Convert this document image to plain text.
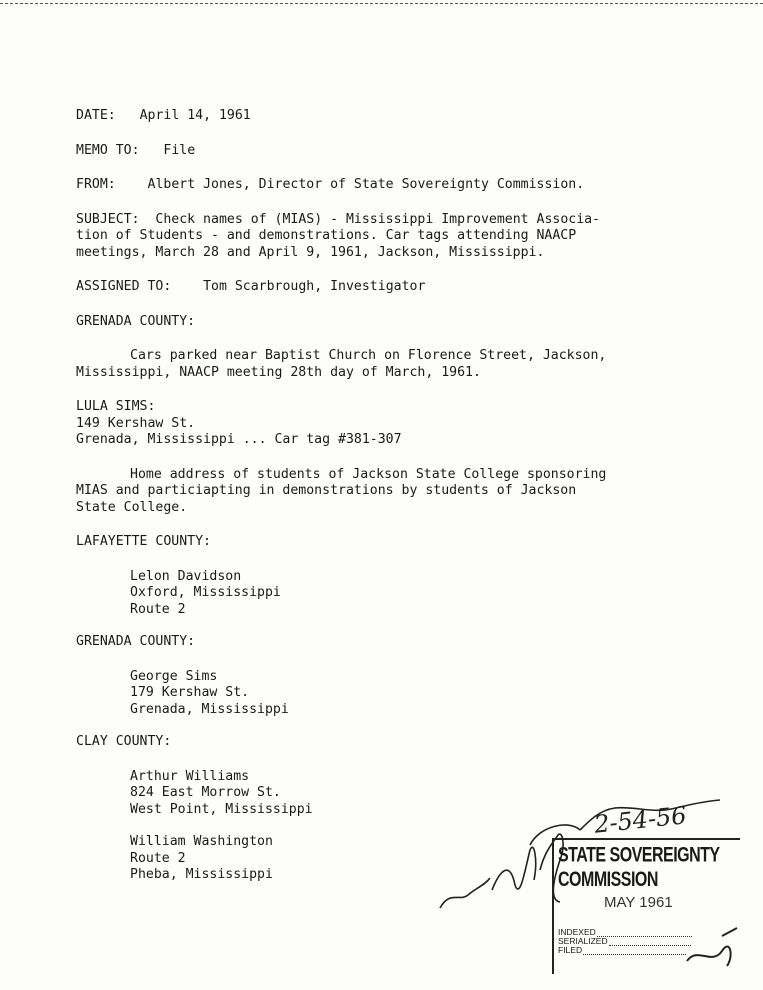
DATE: April 14, 1961
MEMO TO: File
FROM: Albert Jones, Director of State Sovereignty Commission.
SUBJECT: Check names of (MIAS) - Mississippi Improvement Associa-
tion of Students - and demonstrations. Car tags attending NAACP
meetings, March 28 and April 9, 1961, Jackson, Mississippi.
ASSIGNED TO: Tom Scarbrough, Investigator
GRENADA COUNTY:
Cars parked near Baptist Church on Florence Street, Jackson,
Mississippi, NAACP meeting 28th day of March, 1961.
LULA SIMS:
149 Kershaw St.
Grenada, Mississippi ... Car tag #381-307
Home address of students of Jackson State College sponsoring
MIAS and particiapting in demonstrations by students of Jackson
State College.
LAFAYETTE COUNTY:
Lelon Davidson
Oxford, Mississippi
Route 2
GRENADA COUNTY:
George Sims
179 Kershaw St.
Grenada, Mississippi
CLAY COUNTY:
Arthur Williams
824 East Morrow St.
West Point, Mississippi
William Washington
Route 2
Pheba, Mississippi
2-54-56
STATE SOVEREIGNTY COMMISSION
MAY 1961
INDEXED
SERIALIZED
FILED
